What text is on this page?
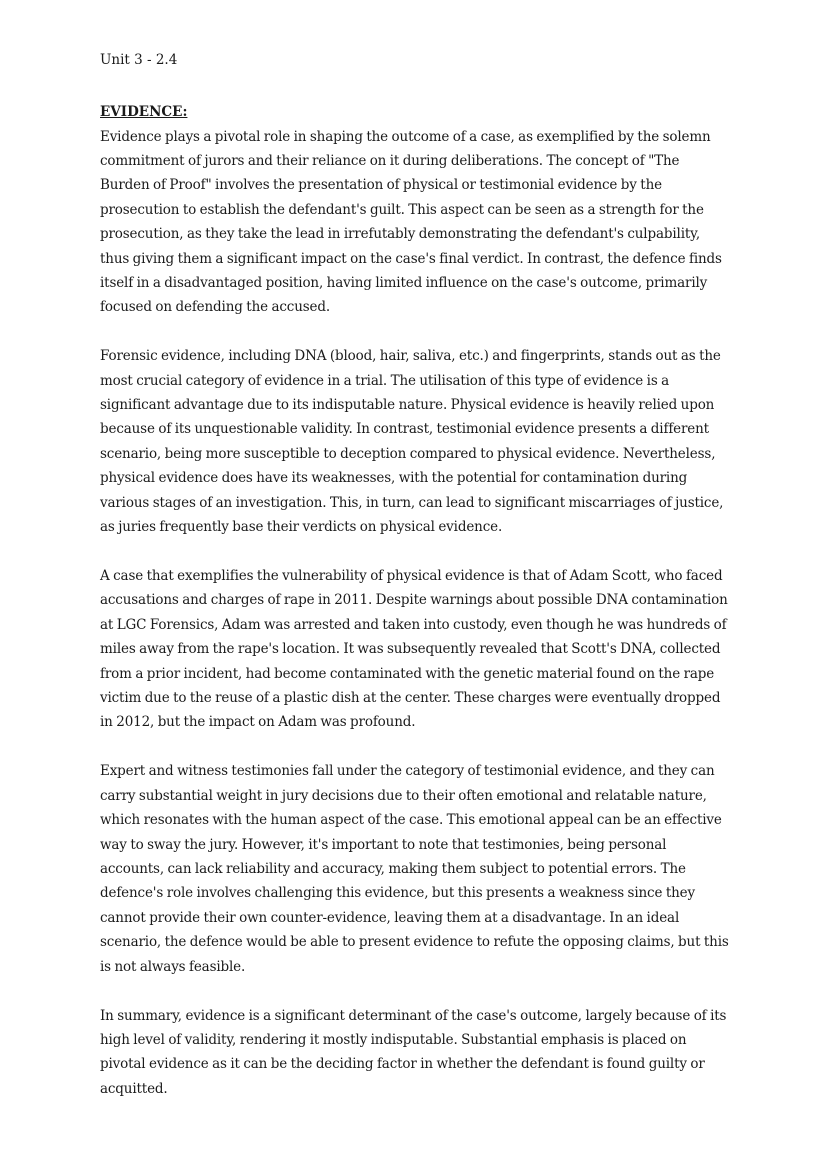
Unit 3 - 2.4

EVIDENCE:

Evidence plays a pivotal role in shaping the outcome of a case, as exemplified by the solemn commitment of jurors and their reliance on it during deliberations. The concept of "The Burden of Proof" involves the presentation of physical or testimonial evidence by the prosecution to establish the defendant's guilt. This aspect can be seen as a strength for the prosecution, as they take the lead in irrefutably demonstrating the defendant's culpability, thus giving them a significant impact on the case's final verdict. In contrast, the defence finds itself in a disadvantaged position, having limited influence on the case's outcome, primarily focused on defending the accused.

Forensic evidence, including DNA (blood, hair, saliva, etc.) and fingerprints, stands out as the most crucial category of evidence in a trial. The utilisation of this type of evidence is a significant advantage due to its indisputable nature. Physical evidence is heavily relied upon because of its unquestionable validity. In contrast, testimonial evidence presents a different scenario, being more susceptible to deception compared to physical evidence. Nevertheless, physical evidence does have its weaknesses, with the potential for contamination during various stages of an investigation. This, in turn, can lead to significant miscarriages of justice, as juries frequently base their verdicts on physical evidence.

A case that exemplifies the vulnerability of physical evidence is that of Adam Scott, who faced accusations and charges of rape in 2011. Despite warnings about possible DNA contamination at LGC Forensics, Adam was arrested and taken into custody, even though he was hundreds of miles away from the rape's location. It was subsequently revealed that Scott's DNA, collected from a prior incident, had become contaminated with the genetic material found on the rape victim due to the reuse of a plastic dish at the center. These charges were eventually dropped in 2012, but the impact on Adam was profound.

Expert and witness testimonies fall under the category of testimonial evidence, and they can carry substantial weight in jury decisions due to their often emotional and relatable nature, which resonates with the human aspect of the case. This emotional appeal can be an effective way to sway the jury. However, it's important to note that testimonies, being personal accounts, can lack reliability and accuracy, making them subject to potential errors. The defence's role involves challenging this evidence, but this presents a weakness since they cannot provide their own counter-evidence, leaving them at a disadvantage. In an ideal scenario, the defence would be able to present evidence to refute the opposing claims, but this is not always feasible.

In summary, evidence is a significant determinant of the case's outcome, largely because of its high level of validity, rendering it mostly indisputable. Substantial emphasis is placed on pivotal evidence as it can be the deciding factor in whether the defendant is found guilty or acquitted.
